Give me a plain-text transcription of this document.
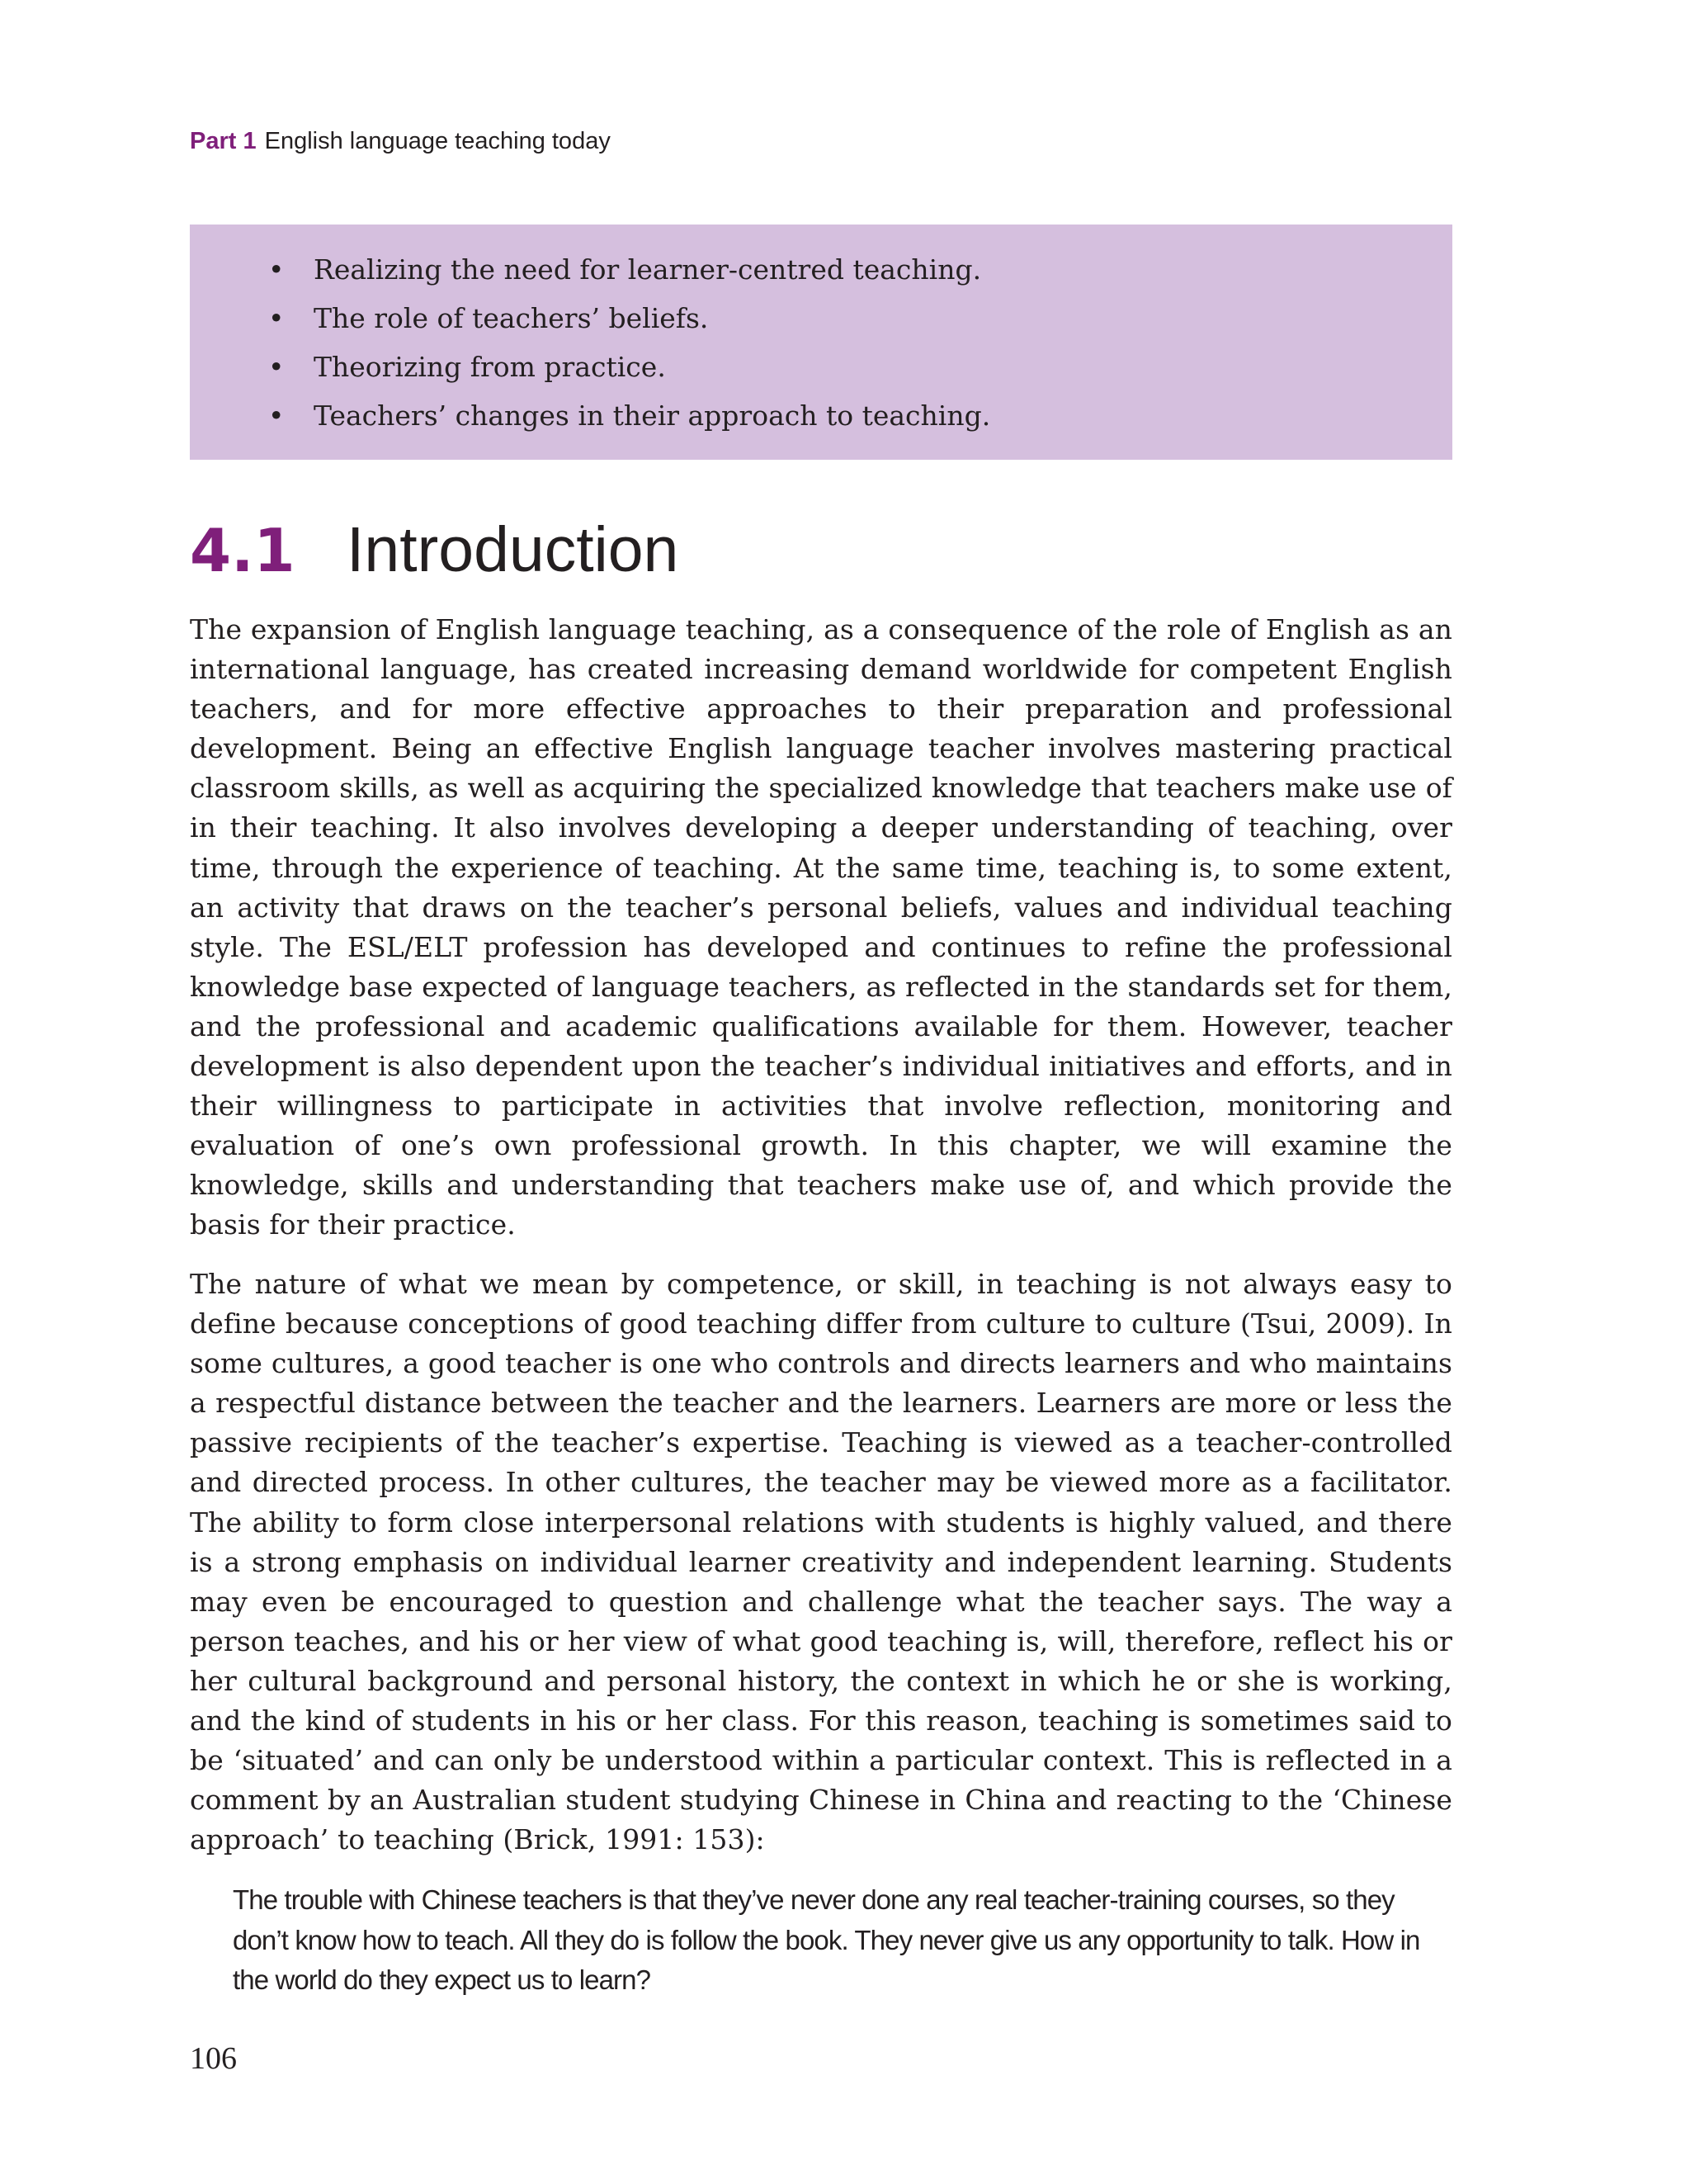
Part 1 English language teaching today
• Realizing the need for learner-centred teaching.
• The role of teachers’ beliefs.
• Theorizing from practice.
• Teachers’ changes in their approach to teaching.
4.1 Introduction

The expansion of English language teaching, as a consequence of the role of English as an international language, has created increasing demand worldwide for competent English teachers, and for more effective approaches to their preparation and professional development. Being an effective English language teacher involves mastering practical classroom skills, as well as acquiring the specialized knowledge that teachers make use of in their teaching. It also involves developing a deeper understanding of teaching, over time, through the experience of teaching. At the same time, teaching is, to some extent, an activity that draws on the teacher’s personal beliefs, values and individual teaching style. The ESL/ELT profession has developed and continues to refine the professional knowledge base expected of language teachers, as reflected in the standards set for them, and the professional and academic qualifications available for them. However, teacher development is also dependent upon the teacher’s individual initiatives and efforts, and in their willingness to participate in activities that involve reflection, monitoring and evaluation of one’s own professional growth. In this chapter, we will examine the knowledge, skills and understanding that teachers make use of, and which provide the basis for their practice.

The nature of what we mean by competence, or skill, in teaching is not always easy to define because conceptions of good teaching differ from culture to culture (Tsui, 2009). In some cultures, a good teacher is one who controls and directs learners and who maintains a respectful distance between the teacher and the learners. Learners are more or less the passive recipients of the teacher’s expertise. Teaching is viewed as a teacher-controlled and directed process. In other cultures, the teacher may be viewed more as a facilitator. The ability to form close interpersonal relations with students is highly valued, and there is a strong emphasis on individual learner creativity and independent learning. Students may even be encouraged to question and challenge what the teacher says. The way a person teaches, and his or her view of what good teaching is, will, therefore, reflect his or her cultural background and personal history, the context in which he or she is working, and the kind of students in his or her class. For this reason, teaching is sometimes said to be ‘situated’ and can only be understood within a particular context. This is reflected in a comment by an Australian student studying Chinese in China and reacting to the ‘Chinese approach’ to teaching (Brick, 1991: 153):

The trouble with Chinese teachers is that they’ve never done any real teacher-training courses, so they don’t know how to teach. All they do is follow the book. They never give us any opportunity to talk. How in the world do they expect us to learn?

106
